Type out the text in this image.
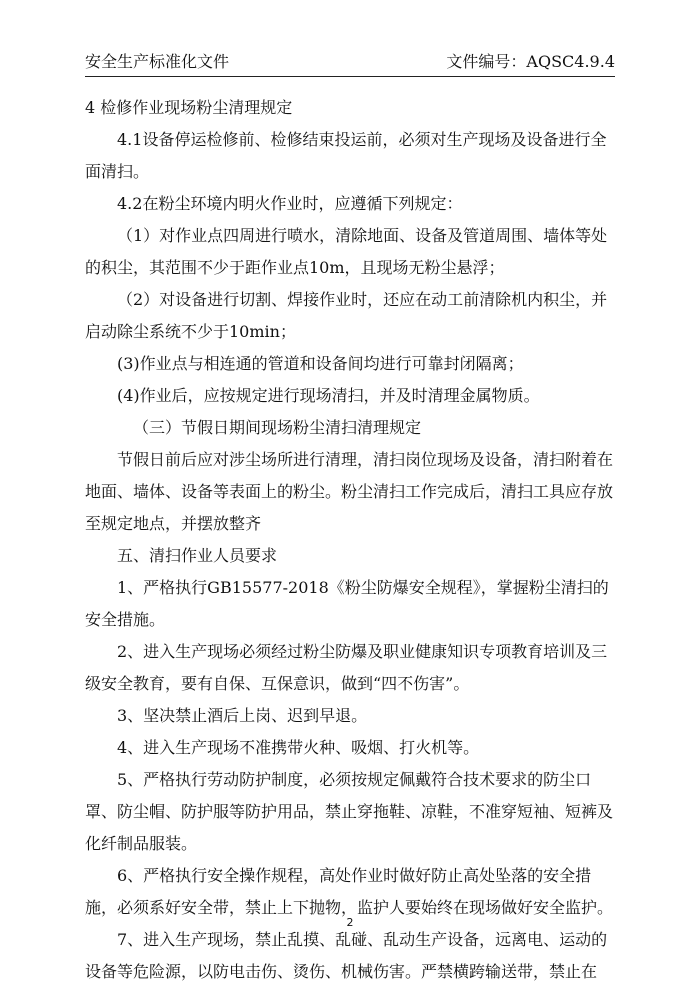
安全生产标准化文件	文件编号：AQSC4.9.4

4 检修作业现场粉尘清理规定

4.1设备停运检修前、检修结束投运前，必须对生产现场及设备进行全面清扫。

4.2在粉尘环境内明火作业时，应遵循下列规定：

（1）对作业点四周进行喷水，清除地面、设备及管道周围、墙体等处的积尘，其范围不少于距作业点10m，且现场无粉尘悬浮；

（2）对设备进行切割、焊接作业时，还应在动工前清除机内积尘，并启动除尘系统不少于10min；

(3)作业点与相连通的管道和设备间均进行可靠封闭隔离；

(4)作业后，应按规定进行现场清扫，并及时清理金属物质。

（三）节假日期间现场粉尘清扫清理规定

节假日前后应对涉尘场所进行清理，清扫岗位现场及设备，清扫附着在地面、墙体、设备等表面上的粉尘。粉尘清扫工作完成后，清扫工具应存放至规定地点，并摆放整齐

五、清扫作业人员要求

1、严格执行GB15577-2018《粉尘防爆安全规程》，掌握粉尘清扫的安全措施。

2、进入生产现场必须经过粉尘防爆及职业健康知识专项教育培训及三级安全教育，要有自保、互保意识，做到“四不伤害”。

3、坚决禁止酒后上岗、迟到早退。

4、进入生产现场不准携带火种、吸烟、打火机等。

5、严格执行劳动防护制度，必须按规定佩戴符合技术要求的防尘口罩、防尘帽、防护服等防护用品，禁止穿拖鞋、凉鞋，不准穿短袖、短裤及化纤制品服装。

6、严格执行安全操作规程，高处作业时做好防止高处坠落的安全措施，必须系好安全带，禁止上下抛物，监护人要始终在现场做好安全监护。

7、进入生产现场，禁止乱摸、乱碰、乱动生产设备，远离电、运动的设备等危险源，以防电击伤、烫伤、机械伤害。严禁横跨输送带，禁止在

2
